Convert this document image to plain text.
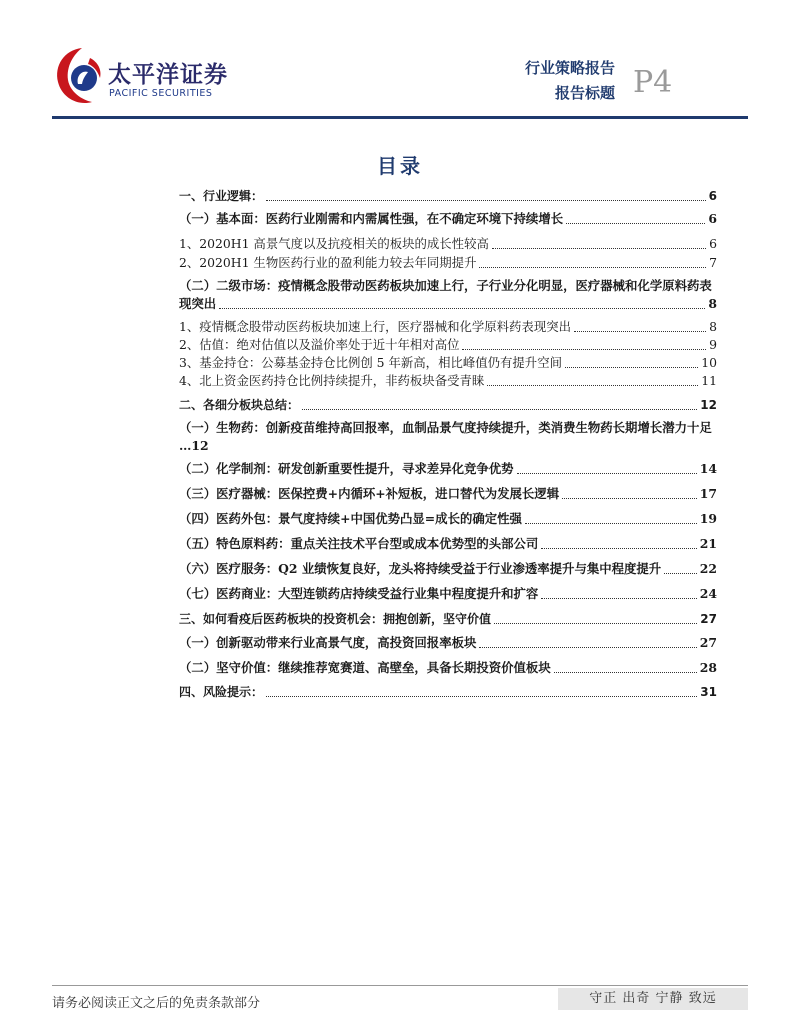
太平洋证券
PACIFIC SECURITIES
行业策略报告
报告标题 P4
目录
一、行业逻辑：	6
（一）基本面：医药行业刚需和内需属性强，在不确定环境下持续增长	6
1、2020H1 高景气度以及抗疫相关的板块的成长性较高	6
2、2020H1 生物医药行业的盈利能力较去年同期提升	7
（二）二级市场：疫情概念股带动医药板块加速上行，子行业分化明显，医疗器械和化学原料药表
现突出	8
1、疫情概念股带动医药板块加速上行，医疗器械和化学原料药表现突出	8
2、估值：绝对估值以及溢价率处于近十年相对高位	9
3、基金持仓：公募基金持仓比例创 5 年新高，相比峰值仍有提升空间	10
4、北上资金医药持仓比例持续提升，非药板块备受青睐	11
二、各细分板块总结：	12
（一）生物药：创新疫苗维持高回报率，血制品景气度持续提升，类消费生物药长期增长潜力十足
… 12
（二）化学制剂：研发创新重要性提升，寻求差异化竞争优势	14
（三）医疗器械：医保控费+内循环+补短板，进口替代为发展长逻辑	17
（四）医药外包：景气度持续+中国优势凸显=成长的确定性强	19
（五）特色原料药：重点关注技术平台型或成本优势型的头部公司	21
（六）医疗服务：Q2 业绩恢复良好，龙头将持续受益于行业渗透率提升与集中程度提升	22
（七）医药商业：大型连锁药店持续受益行业集中程度提升和扩容	24
三、如何看疫后医药板块的投资机会：拥抱创新，坚守价值	27
（一）创新驱动带来行业高景气度，高投资回报率板块	27
（二）坚守价值：继续推荐宽赛道、高壁垒，具备长期投资价值板块	28
四、风险提示：	31
请务必阅读正文之后的免责条款部分	守正 出奇 宁静 致远
